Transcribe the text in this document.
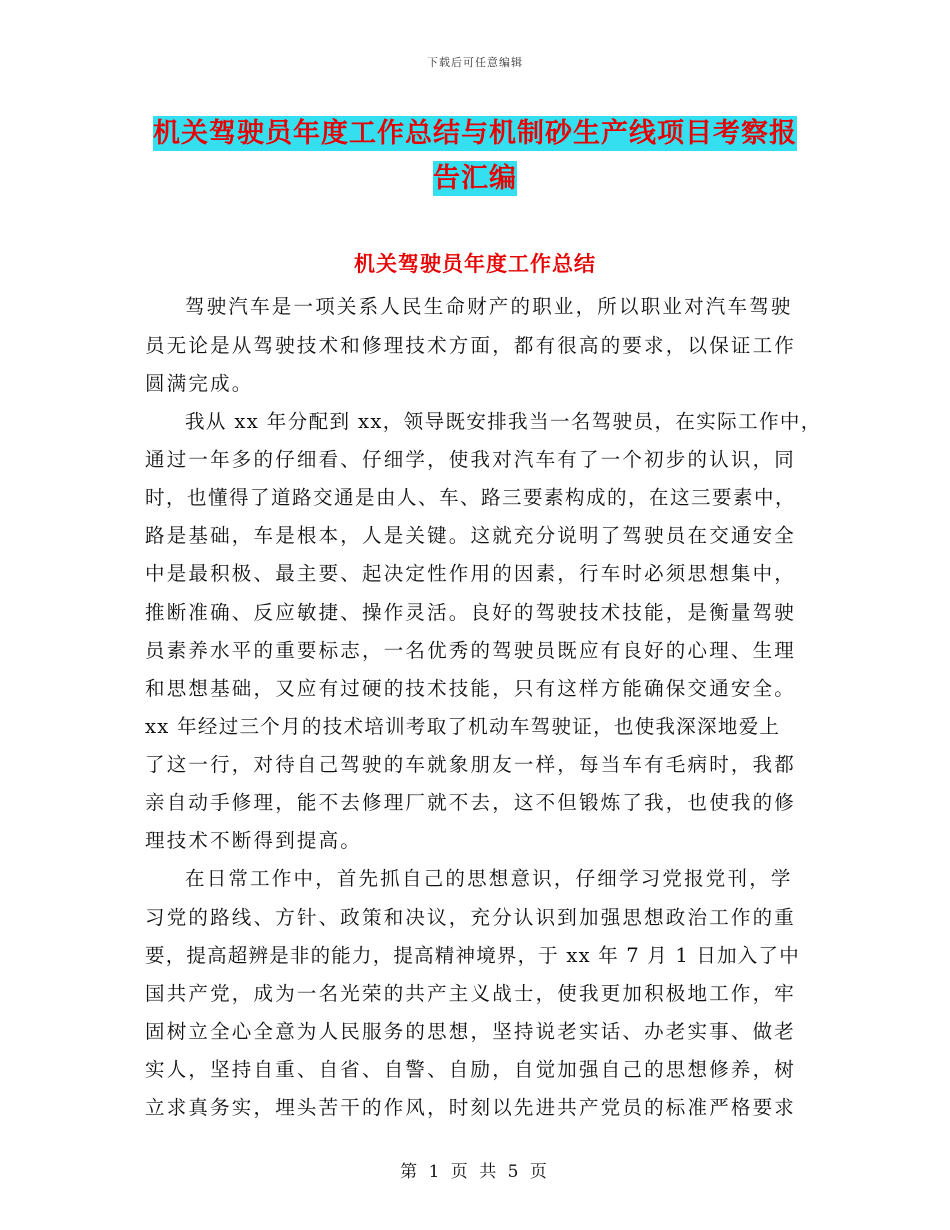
下载后可任意编辑
机关驾驶员年度工作总结与机制砂生产线项目考察报
告汇编
机关驾驶员年度工作总结
驾驶汽车是一项关系人民生命财产的职业，所以职业对汽车驾驶
员无论是从驾驶技术和修理技术方面，都有很高的要求，以保证工作
圆满完成。
我从 xx 年分配到 xx，领导既安排我当一名驾驶员，在实际工作中，
通过一年多的仔细看、仔细学，使我对汽车有了一个初步的认识，同
时，也懂得了道路交通是由人、车、路三要素构成的，在这三要素中，
路是基础，车是根本，人是关键。这就充分说明了驾驶员在交通安全
中是最积极、最主要、起决定性作用的因素，行车时必须思想集中，
推断准确、反应敏捷、操作灵活。良好的驾驶技术技能，是衡量驾驶
员素养水平的重要标志，一名优秀的驾驶员既应有良好的心理、生理
和思想基础，又应有过硬的技术技能，只有这样方能确保交通安全。
xx 年经过三个月的技术培训考取了机动车驾驶证，也使我深深地爱上
了这一行，对待自己驾驶的车就象朋友一样，每当车有毛病时，我都
亲自动手修理，能不去修理厂就不去，这不但锻炼了我，也使我的修
理技术不断得到提高。
在日常工作中，首先抓自己的思想意识，仔细学习党报党刊，学
习党的路线、方针、政策和决议，充分认识到加强思想政治工作的重
要，提高超辨是非的能力，提高精神境界，于 xx 年 7 月 1 日加入了中
国共产党，成为一名光荣的共产主义战士，使我更加积极地工作，牢
固树立全心全意为人民服务的思想，坚持说老实话、办老实事、做老
实人，坚持自重、自省、自警、自励，自觉加强自己的思想修养，树
立求真务实，埋头苦干的作风，时刻以先进共产党员的标准严格要求
第 1 页 共 5 页
